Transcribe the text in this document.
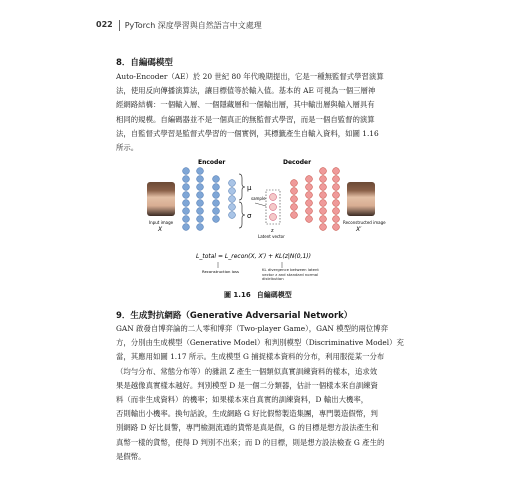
022	PyTorch 深度學習與自然語言中文處理
8．自編碼模型
Auto-Encoder（AE）於 20 世紀 80 年代晚期提出，它是一種無監督式學習演算
法，使用反向傳播演算法，讓目標值等於輸入值。基本的 AE 可視為一個三層神
經網路結構：一個輸入層、一個隱藏層和一個輸出層，其中輸出層與輸入層具有
相同的規模。自編碼器並不是一個真正的無監督式學習，而是一個自監督的演算
法，自監督式學習是監督式學習的一個實例，其標籤產生自輸入資料，如圖 1.16
所示。
Encoder	Decoder
μ
σ
sample
z
Latent vector
Input image
X
Reconstructed image
X′
L_total = L_recon(X, X′) + KL(z|N(0,1))
Reconstruction loss	KL divergence between latent vector z and standard normal distribution
圖 1.16 自編碼模型
9．生成對抗網路（Generative Adversarial Network）
GAN 啟發自博弈論的二人零和博弈（Two-player Game），GAN 模型的兩位博弈
方，分別由生成模型（Generative Model）和判別模型（Discriminative Model）充
當，其應用如圖 1.17 所示。生成模型 G 捕捉樣本資料的分布，利用服從某一分布
（均勻分布、常態分布等）的雜訊 Z 產生一個類似真實訓練資料的樣本，追求效
果是越像真實樣本越好。判別模型 D 是一個二分類器，估計一個樣本來自訓練資
料（而非生成資料）的機率；如果樣本來自真實的訓練資料，D 輸出大機率，
否則輸出小機率。換句話說，生成網路 G 好比假幣製造集團，專門製造假幣，判
別網路 D 好比員警，專門檢測流通的貨幣是真是假，G 的目標是想方設法產生和
真幣一樣的貨幣，使得 D 判別不出來；而 D 的目標，則是想方設法檢查 G 產生的
是假幣。
